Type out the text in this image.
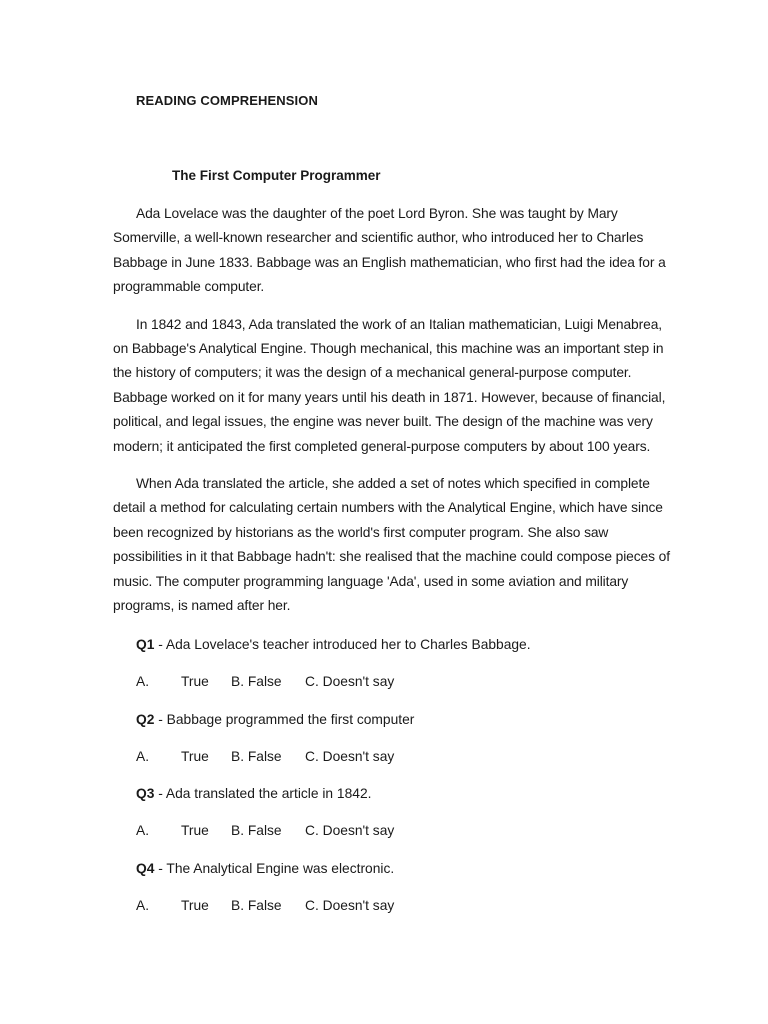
READING COMPREHENSION
The First Computer Programmer

Ada Lovelace was the daughter of the poet Lord Byron. She was taught by Mary Somerville, a well-known researcher and scientific author, who introduced her to Charles Babbage in June 1833. Babbage was an English mathematician, who first had the idea for a programmable computer.

In 1842 and 1843, Ada translated the work of an Italian mathematician, Luigi Menabrea, on Babbage's Analytical Engine. Though mechanical, this machine was an important step in the history of computers; it was the design of a mechanical general-purpose computer. Babbage worked on it for many years until his death in 1871. However, because of financial, political, and legal issues, the engine was never built. The design of the machine was very modern; it anticipated the first completed general-purpose computers by about 100 years.

When Ada translated the article, she added a set of notes which specified in complete detail a method for calculating certain numbers with the Analytical Engine, which have since been recognized by historians as the world's first computer program. She also saw possibilities in it that Babbage hadn't: she realised that the machine could compose pieces of music. The computer programming language 'Ada', used in some aviation and military programs, is named after her.

Q1 - Ada Lovelace's teacher introduced her to Charles Babbage.
A. True B. False C. Doesn't say
Q2 - Babbage programmed the first computer
A. True B. False C. Doesn't say
Q3 - Ada translated the article in 1842.
A. True B. False C. Doesn't say
Q4 - The Analytical Engine was electronic.
A. True B. False C. Doesn't say
